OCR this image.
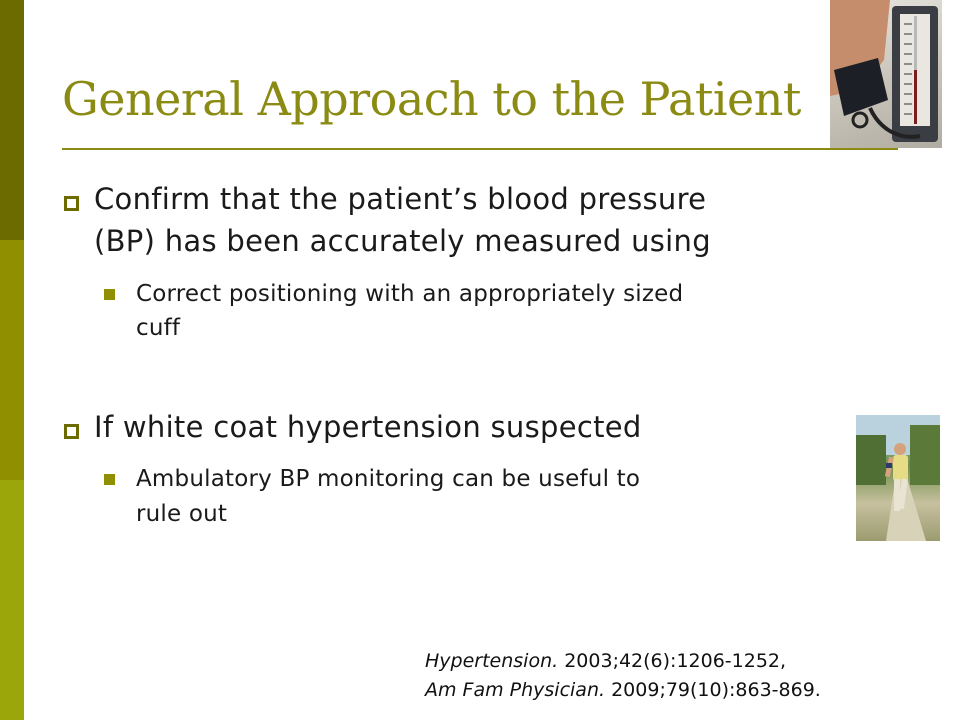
General Approach to the Patient
Confirm that the patient’s blood pressure
(BP) has been accurately measured using
Correct positioning with an appropriately sized
cuff
If white coat hypertension suspected
Ambulatory BP monitoring can be useful to
rule out
Hypertension. 2003;42(6):1206-1252,
Am Fam Physician. 2009;79(10):863-869.
